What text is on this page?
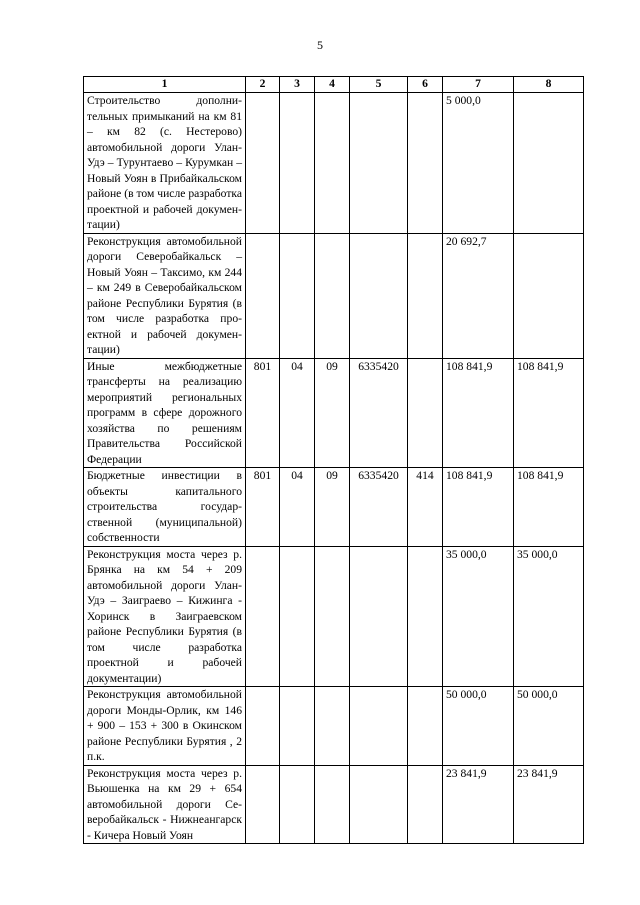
5
1	2	3	4	5	6	7	8
Строительство дополнительных примыканий на км 81 – км 82 (с. Нестерово) автомобильной дороги Улан-Удэ – Турунтаево – Курумкан – Новый Уоян в Прибайкальском районе (в том числе разработка проектной и рабочей документации)						5 000,0	
Реконструкция автомобильной дороги Северобайкальск – Новый Уоян – Таксимо, км 244 – км 249 в Северобайкальском районе Республики Бурятия (в том числе разработка проектной и рабочей документации)						20 692,7	
Иные межбюджетные трансферты на реализацию мероприятий региональных программ в сфере дорожного хозяйства по решениям Правительства Российской Федерации	801	04	09	6335420		108 841,9	108 841,9
Бюджетные инвестиции в объекты капитального строительства государственной (муниципальной) собственности	801	04	09	6335420	414	108 841,9	108 841,9
Реконструкция моста через р. Брянка на км 54 + 209 автомобильной дороги Улан-Удэ – Заиграево – Кижинга - Хоринск в Заиграевском районе Республики Бурятия (в том числе разработка проектной и рабочей документации)						35 000,0	35 000,0
Реконструкция автомобильной дороги Монды-Орлик, км 146 + 900 – 153 + 300 в Окинском районе Республики Бурятия , 2 п.к.						50 000,0	50 000,0
Реконструкция моста через р. Вьюшенка на км 29 + 654 автомобильной дороги Северобайкальск - Нижнеангарск - Кичера Новый Уоян						23 841,9	23 841,9
